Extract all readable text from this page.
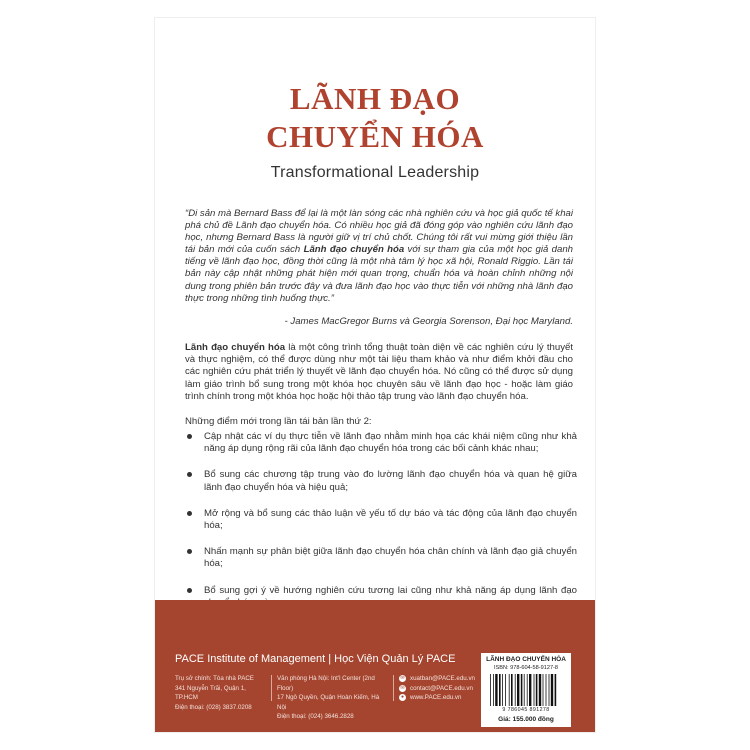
LÃNH ĐẠO
CHUYỂN HÓA
Transformational Leadership
“Di sản mà Bernard Bass để lại là một làn sóng các nhà nghiên cứu và học giả quốc tế khai phá chủ đề Lãnh đạo chuyển hóa. Có nhiều học giả đã đóng góp vào nghiên cứu lãnh đạo học, nhưng Bernard Bass là người giữ vị trí chủ chốt. Chúng tôi rất vui mừng giới thiệu lần tái bản mới của cuốn sách Lãnh đạo chuyển hóa với sự tham gia của một học giả danh tiếng về lãnh đạo học, đồng thời cũng là một nhà tâm lý học xã hội, Ronald Riggio. Lần tái bản này cập nhật những phát hiện mới quan trọng, chuẩn hóa và hoàn chỉnh những nội dung trong phiên bản trước đây và đưa lãnh đạo học vào thực tiễn với những nhà lãnh đạo thực trong những tình huống thực.”
- James MacGregor Burns và Georgia Sorenson, Đại học Maryland.
Lãnh đạo chuyển hóa là một công trình tổng thuật toàn diện về các nghiên cứu lý thuyết và thực nghiệm, có thể được dùng như một tài liệu tham khảo và như điểm khởi đầu cho các nghiên cứu phát triển lý thuyết về lãnh đạo chuyển hóa. Nó cũng có thể được sử dụng làm giáo trình bổ sung trong một khóa học chuyên sâu về lãnh đạo học - hoặc làm giáo trình chính trong một khóa học hoặc hội thảo tập trung vào lãnh đạo chuyển hóa.
Những điểm mới trong lần tái bản lần thứ 2:
Cập nhật các ví dụ thực tiễn về lãnh đạo nhằm minh họa các khái niệm cũng như khả năng áp dụng rộng rãi của lãnh đạo chuyển hóa trong các bối cảnh khác nhau;
Bổ sung các chương tập trung vào đo lường lãnh đạo chuyển hóa và quan hệ giữa lãnh đạo chuyển hóa và hiệu quả;
Mở rộng và bổ sung các thảo luận về yếu tố dự báo và tác động của lãnh đạo chuyển hóa;
Nhấn mạnh sự phân biệt giữa lãnh đạo chuyển hóa chân chính và lãnh đạo giả chuyển hóa;
Bổ sung gợi ý về hướng nghiên cứu tương lai cũng như khả năng áp dụng lãnh đạo
PACE Institute of Management | Học Viện Quản Lý PACE
Trụ sở chính: Tòa nhà PACE
341 Nguyễn Trãi, Quận 1, TP.HCM
Điện thoại: (028) 3837.0208
Văn phòng Hà Nội: Int'l Center (2nd Floor)
17 Ngô Quyền, Quận Hoàn Kiếm, Hà Nội
Điện thoại: (024) 3646.2828
✉ xuatban@PACE.edu.vn
✉ contact@PACE.edu.vn
● www.PACE.edu.vn
LÃNH ĐẠO CHUYỂN HÓA
ISBN: 978-604-58-9127-8
9 786045 891278
Giá: 155.000 đồng
